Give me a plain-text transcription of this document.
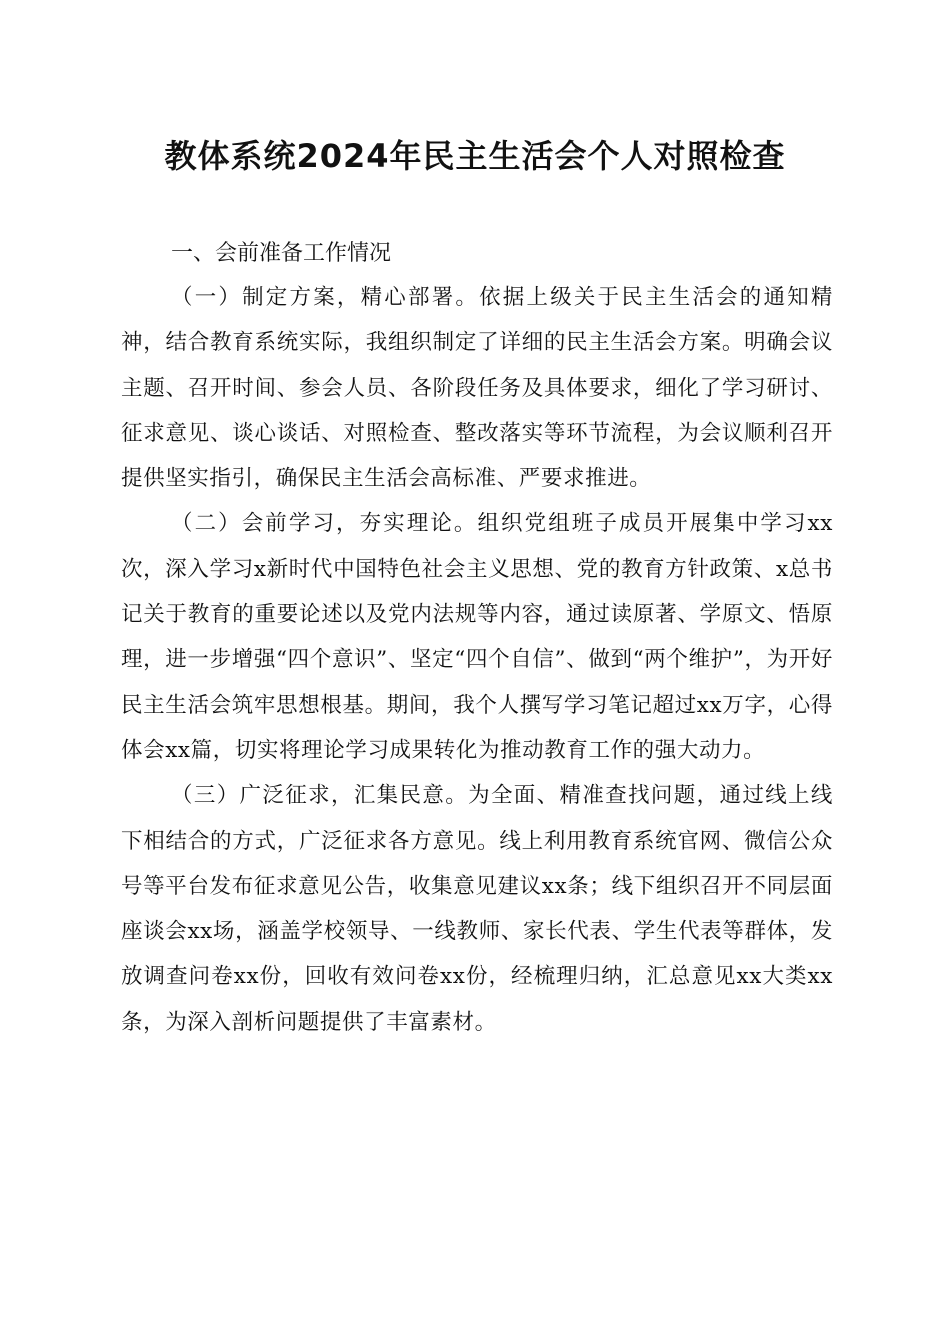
教体系统2024年民主生活会个人对照检查
一、会前准备工作情况

（一）制定方案，精心部署。依据上级关于民主生活会的通知精神，结合教育系统实际，我组织制定了详细的民主生活会方案。明确会议主题、召开时间、参会人员、各阶段任务及具体要求，细化了学习研讨、征求意见、谈心谈话、对照检查、整改落实等环节流程，为会议顺利召开提供坚实指引，确保民主生活会高标准、严要求推进。

（二）会前学习，夯实理论。组织党组班子成员开展集中学习xx次，深入学习x新时代中国特色社会主义思想、党的教育方针政策、x总书记关于教育的重要论述以及党内法规等内容，通过读原著、学原文、悟原理，进一步增强“四个意识”、坚定“四个自信”、做到“两个维护”，为开好民主生活会筑牢思想根基。期间，我个人撰写学习笔记超过xx万字，心得体会xx篇，切实将理论学习成果转化为推动教育工作的强大动力。

（三）广泛征求，汇集民意。为全面、精准查找问题，通过线上线下相结合的方式，广泛征求各方意见。线上利用教育系统官网、微信公众号等平台发布征求意见公告，收集意见建议xx条；线下组织召开不同层面座谈会xx场，涵盖学校领导、一线教师、家长代表、学生代表等群体，发放调查问卷xx份，回收有效问卷xx份，经梳理归纳，汇总意见xx大类xx条，为深入剖析问题提供了丰富素材。
